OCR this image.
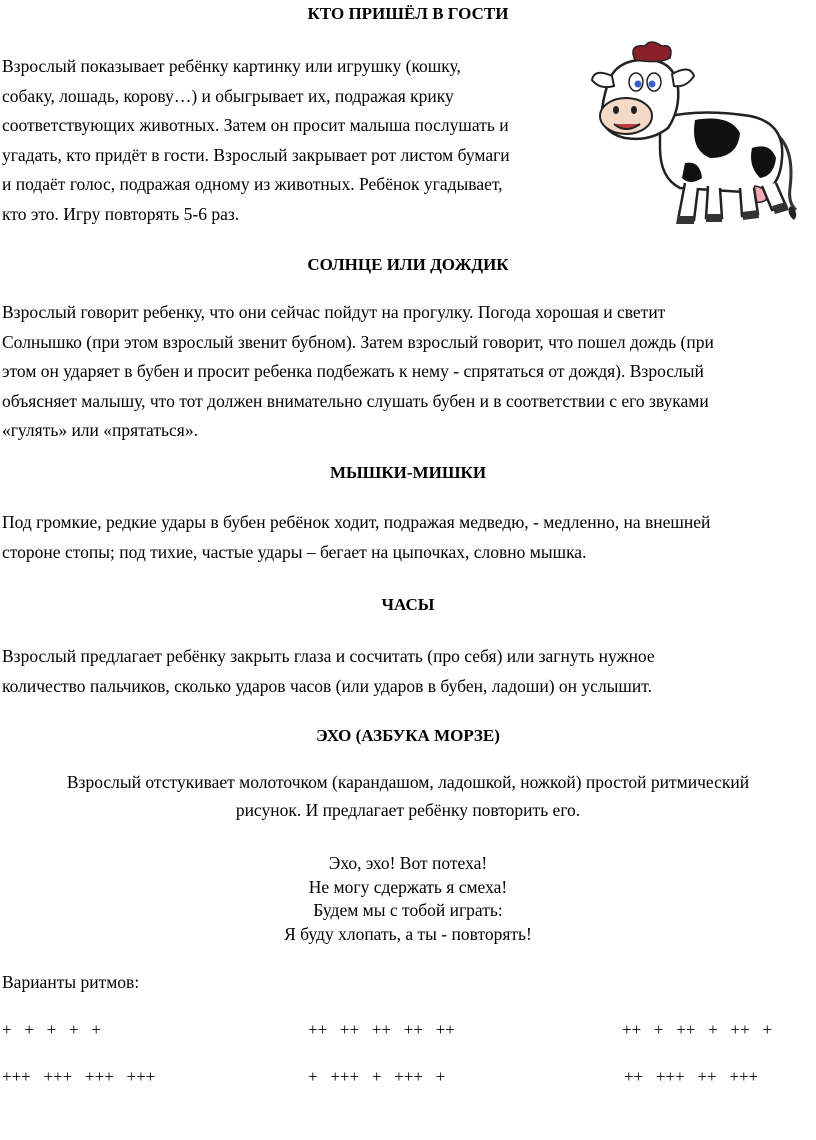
КТО ПРИШЁЛ В ГОСТИ
Взрослый показывает ребёнку картинку или игрушку (кошку,
собаку, лошадь, корову…) и обыгрывает их, подражая крику
соответствующих животных. Затем он просит малыша послушать и
угадать, кто придёт в гости. Взрослый закрывает рот листом бумаги
и подаёт голос, подражая одному из животных. Ребёнок угадывает,
кто это. Игру повторять 5-6 раз.
СОЛНЦЕ ИЛИ ДОЖДИК
Взрослый говорит ребенку, что они сейчас пойдут на прогулку. Погода хорошая и светит
Солнышко (при этом взрослый звенит бубном). Затем взрослый говорит, что пошел дождь (при
этом он ударяет в бубен и просит ребенка подбежать к нему - спрятаться от дождя). Взрослый
объясняет малышу, что тот должен внимательно слушать бубен и в соответствии с его звуками
«гулять» или «прятаться».
МЫШКИ-МИШКИ
Под громкие, редкие удары в бубен ребёнок ходит, подражая медведю, - медленно, на внешней
стороне стопы; под тихие, частые удары – бегает на цыпочках, словно мышка.
ЧАСЫ
Взрослый предлагает ребёнку закрыть глаза и сосчитать (про себя) или загнуть нужное
количество пальчиков, сколько ударов часов (или ударов в бубен, ладоши) он услышит.
ЭХО (АЗБУКА МОРЗЕ)
Взрослый отстукивает молоточком (карандашом, ладошкой, ножкой) простой ритмический
рисунок. И предлагает ребёнку повторить его.
Эхо, эхо! Вот потеха!
Не могу сдержать я смеха!
Будем мы с тобой играть:
Я буду хлопать, а ты - повторять!
Варианты ритмов:
+   +   +   +   +	++   ++   ++   ++   ++	++   +   ++   +   ++   +
+++   +++   +++   +++	+   +++   +   +++   +	++   +++   ++   +++
